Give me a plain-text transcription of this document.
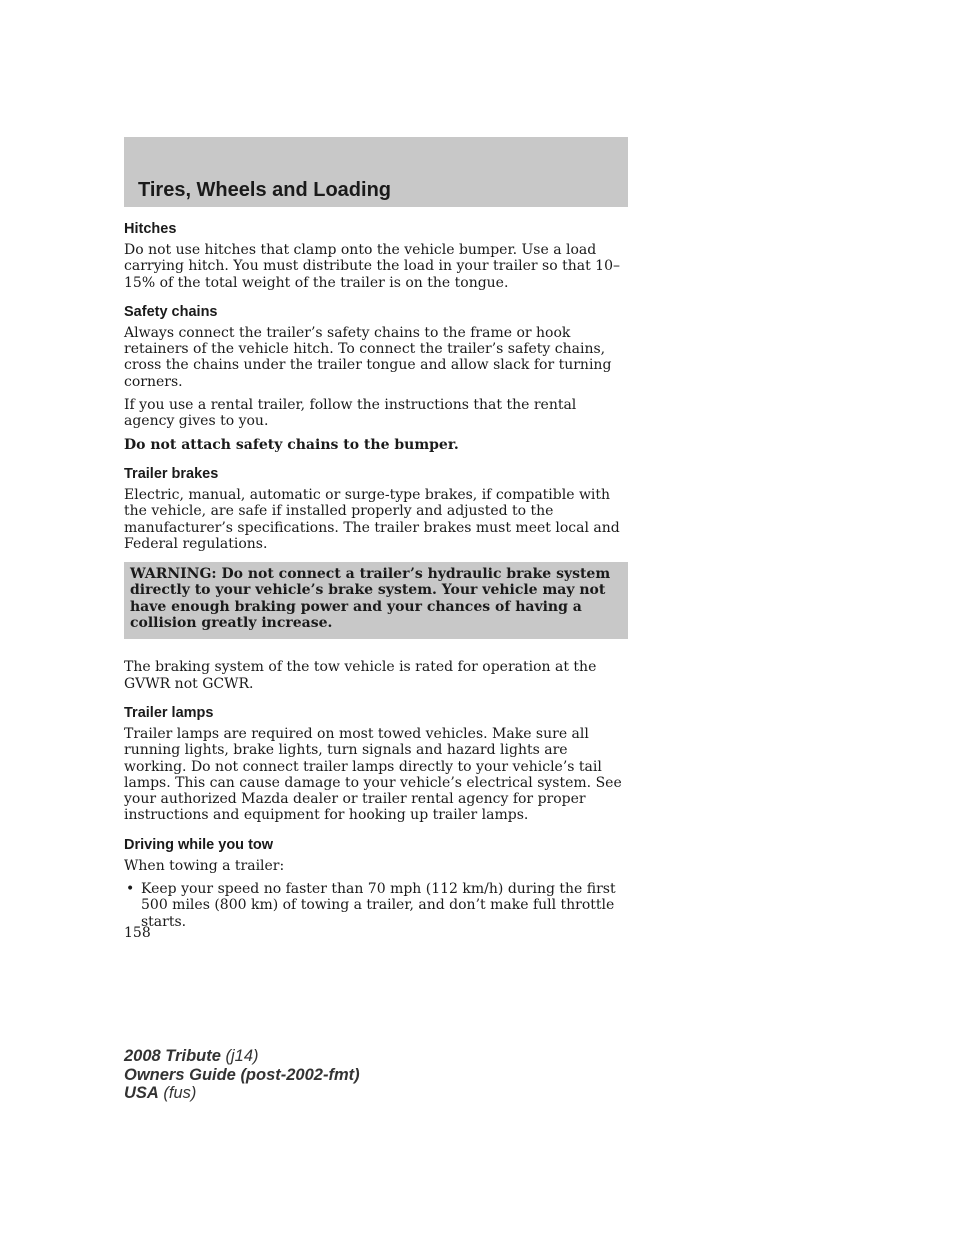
Tires, Wheels and Loading
Hitches

Do not use hitches that clamp onto the vehicle bumper. Use a load carrying hitch. You must distribute the load in your trailer so that 10–15% of the total weight of the trailer is on the tongue.

Safety chains

Always connect the trailer’s safety chains to the frame or hook retainers of the vehicle hitch. To connect the trailer’s safety chains, cross the chains under the trailer tongue and allow slack for turning corners.

If you use a rental trailer, follow the instructions that the rental agency gives to you.

Do not attach safety chains to the bumper.

Trailer brakes

Electric, manual, automatic or surge-type brakes, if compatible with the vehicle, are safe if installed properly and adjusted to the manufacturer’s specifications. The trailer brakes must meet local and Federal regulations.

WARNING: Do not connect a trailer’s hydraulic brake system directly to your vehicle’s brake system. Your vehicle may not have enough braking power and your chances of having a collision greatly increase.

The braking system of the tow vehicle is rated for operation at the GVWR not GCWR.

Trailer lamps

Trailer lamps are required on most towed vehicles. Make sure all running lights, brake lights, turn signals and hazard lights are working. Do not connect trailer lamps directly to your vehicle’s tail lamps. This can cause damage to your vehicle’s electrical system. See your authorized Mazda dealer or trailer rental agency for proper instructions and equipment for hooking up trailer lamps.

Driving while you tow

When towing a trailer:

• Keep your speed no faster than 70 mph (112 km/h) during the first 500 miles (800 km) of towing a trailer, and don’t make full throttle starts.

158

2008 Tribute (j14)
Owners Guide (post-2002-fmt)
USA (fus)
